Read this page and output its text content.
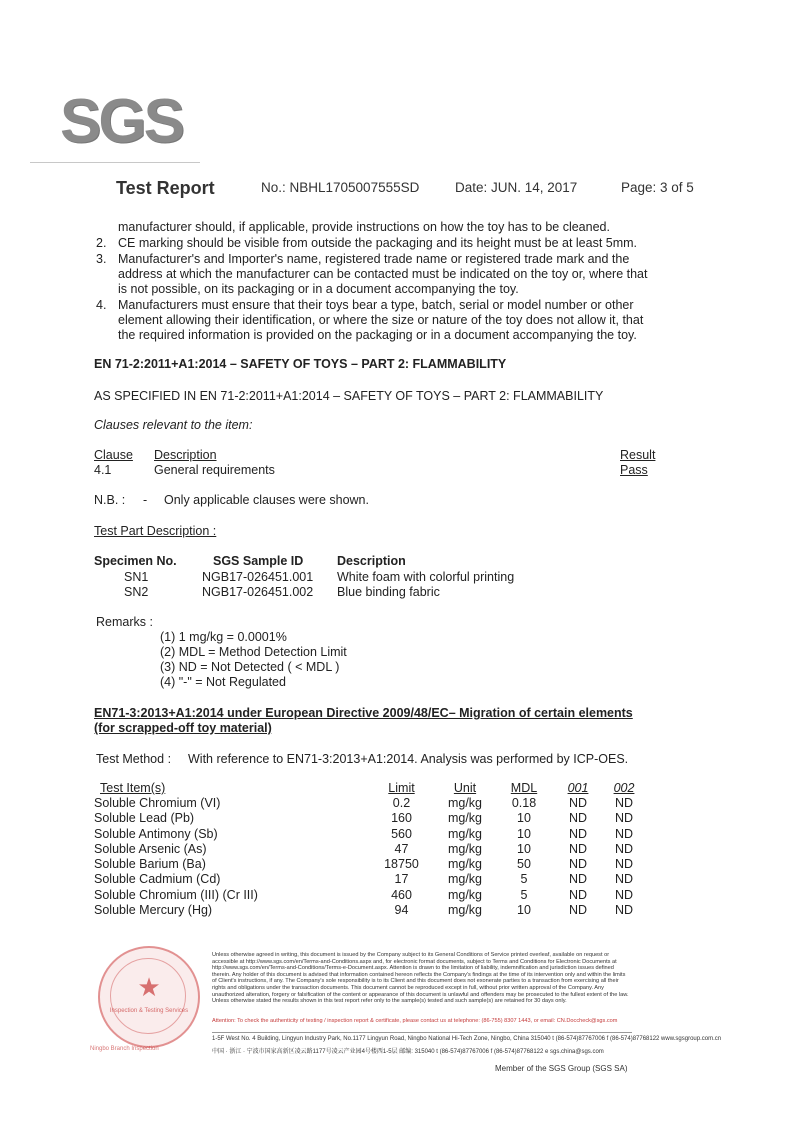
SGS
Test Report	No.: NBHL1705007555SD	Date: JUN. 14, 2017	Page: 3 of 5
manufacturer should, if applicable, provide instructions on how the toy has to be cleaned.
2. CE marking should be visible from outside the packaging and its height must be at least 5mm.
3. Manufacturer's and Importer's name, registered trade name or registered trade mark and the
address at which the manufacturer can be contacted must be indicated on the toy or, where that
is not possible, on its packaging or in a document accompanying the toy.
4. Manufacturers must ensure that their toys bear a type, batch, serial or model number or other
element allowing their identification, or where the size or nature of the toy does not allow it, that
the required information is provided on the packaging or in a document accompanying the toy.
EN 71-2:2011+A1:2014 – SAFETY OF TOYS – PART 2: FLAMMABILITY
AS SPECIFIED IN EN 71-2:2011+A1:2014 – SAFETY OF TOYS – PART 2: FLAMMABILITY
Clauses relevant to the item:
Clause Description	Result
4.1	General requirements	Pass
N.B. : - Only applicable clauses were shown.
Test Part Description :
Specimen No.	SGS Sample ID	Description
SN1	NGB17-026451.001 White foam with colorful printing
SN2	NGB17-026451.002 Blue binding fabric
Remarks :
(1) 1 mg/kg = 0.0001%
(2) MDL = Method Detection Limit
(3) ND = Not Detected ( < MDL )
(4) "-" = Not Regulated
EN71-3:2013+A1:2014 under European Directive 2009/48/EC– Migration of certain elements
(for scrapped-off toy material)
Test Method : With reference to EN71-3:2013+A1:2014. Analysis was performed by ICP-OES.
Test Item(s)	Limit	Unit	MDL	001	002
Soluble Chromium (VI)	0.2	mg/kg	0.18	ND	ND
Soluble Lead (Pb)	160	mg/kg	10	ND	ND
Soluble Antimony (Sb)	560	mg/kg	10	ND	ND
Soluble Arsenic (As)	47	mg/kg	10	ND	ND
Soluble Barium (Ba)	18750	mg/kg	50	ND	ND
Soluble Cadmium (Cd)	17	mg/kg	5	ND	ND
Soluble Chromium (III) (Cr III)	460	mg/kg	5	ND	ND
Soluble Mercury (Hg)	94	mg/kg	10	ND	ND
★
Inspection & Testing Services
Ningbo Branch Inspection
Unless otherwise agreed in writing, this document is issued by the Company subject to its General Conditions of Service printed overleaf, available on request or accessible at http://www.sgs.com/en/Terms-and-Conditions.aspx and, for electronic format documents, subject to Terms and Conditions for Electronic Documents at http://www.sgs.com/en/Terms-and-Conditions/Terms-e-Document.aspx. Attention is drawn to the limitation of liability, indemnification and jurisdiction issues defined therein. Any holder of this document is advised that information contained hereon reflects the Company's findings at the time of its intervention only and within the limits of Client's instructions, if any. The Company's sole responsibility is to its Client and this document does not exonerate parties to a transaction from exercising all their rights and obligations under the transaction documents. This document cannot be reproduced except in full, without prior written approval of the Company. Any unauthorized alteration, forgery or falsification of the content or appearance of this document is unlawful and offenders may be prosecuted to the fullest extent of the law. Unless otherwise stated the results shown in this test report refer only to the sample(s) tested and such sample(s) are retained for 30 days only.
Attention: To check the authenticity of testing / inspection report & certificate, please contact us at telephone: (86-755) 8307 1443, or email: CN.Doccheck@sgs.com
1-5F West No. 4 Building, Lingyun Industry Park, No.1177 Lingyun Road, Ningbo National Hi-Tech Zone, Ningbo, China 315040 t (86-574)87767006 f (86-574)87768122 www.sgsgroup.com.cn
中国 · 浙江 · 宁波市国家高新区凌云路1177号凌云产业园4号楼西1-5层 邮编: 315040 t (86-574)87767006 f (86-574)87768122 e sgs.china@sgs.com
Member of the SGS Group (SGS SA)
